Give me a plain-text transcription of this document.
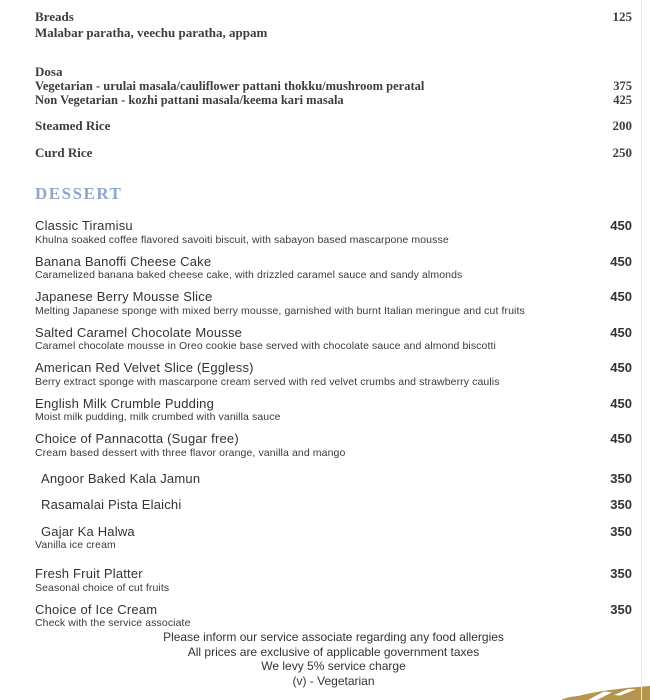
Breads	125
Malabar paratha, veechu paratha, appam
Dosa
Vegetarian - urulai masala/cauliflower pattani thokku/mushroom peratal	375
Non Vegetarian - kozhi pattani masala/keema kari masala	425
Steamed Rice	200
Curd Rice	250
DESSERT
Classic Tiramisu	450
Khulna soaked coffee flavored savoiti biscuit, with sabayon based mascarpone mousse
Banana Banoffi Cheese Cake	450
Caramelized banana baked cheese cake, with drizzled caramel sauce and sandy almonds
Japanese Berry Mousse Slice	450
Melting Japanese sponge with mixed berry mousse, garnished with burnt Italian meringue and cut fruits
Salted Caramel Chocolate Mousse	450
Caramel chocolate mousse in Oreo cookie base served with chocolate sauce and almond biscotti
American Red Velvet Slice (Eggless)	450
Berry extract sponge with mascarpone cream served with red velvet crumbs and strawberry caulis
English Milk Crumble Pudding	450
Moist milk pudding, milk crumbed with vanilla sauce
Choice of Pannacotta (Sugar free)	450
Cream based dessert with three flavor orange, vanilla and mango
Angoor Baked Kala Jamun	350
Rasamalai Pista Elaichi	350
Gajar Ka Halwa	350
Vanilla ice cream
Fresh Fruit Platter	350
Seasonal choice of cut fruits
Choice of Ice Cream	350
Check with the service associate
Please inform our service associate regarding any food allergies
All prices are exclusive of applicable government taxes
We levy 5% service charge
(v) - Vegetarian
